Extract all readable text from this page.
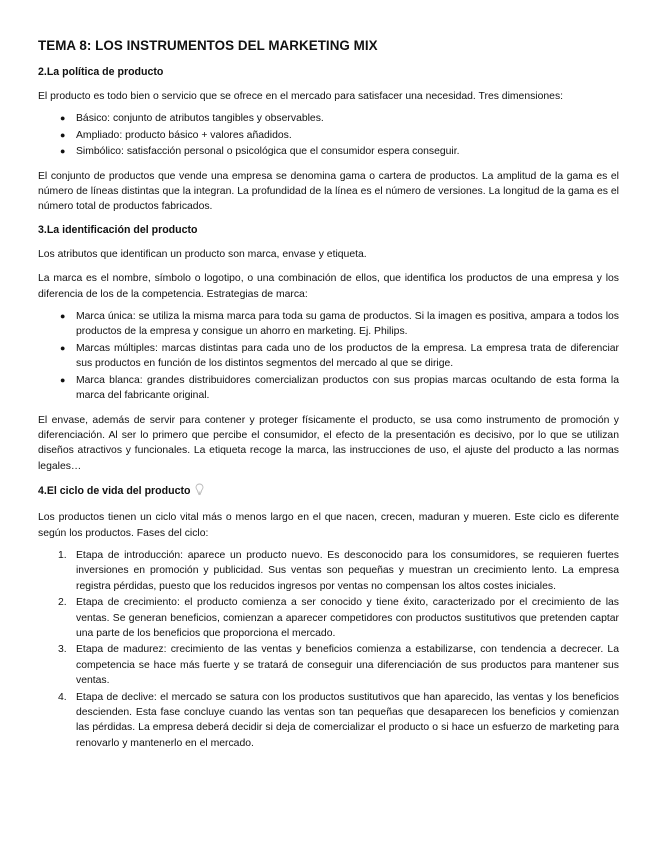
TEMA 8: LOS INSTRUMENTOS DEL MARKETING MIX
2.La política de producto

El producto es todo bien o servicio que se ofrece en el mercado para satisfacer una necesidad. Tres dimensiones:

● Básico: conjunto de atributos tangibles y observables.
● Ampliado: producto básico + valores añadidos.
● Simbólico: satisfacción personal o psicológica que el consumidor espera conseguir.

El conjunto de productos que vende una empresa se denomina gama o cartera de productos. La amplitud de la gama es el número de líneas distintas que la integran. La profundidad de la línea es el número de versiones. La longitud de la gama es el número total de productos fabricados.

3.La identificación del producto

Los atributos que identifican un producto son marca, envase y etiqueta.

La marca es el nombre, símbolo o logotipo, o una combinación de ellos, que identifica los productos de una empresa y los diferencia de los de la competencia. Estrategias de marca:

● Marca única: se utiliza la misma marca para toda su gama de productos. Si la imagen es positiva, ampara a todos los productos de la empresa y consigue un ahorro en marketing. Ej. Philips.
● Marcas múltiples: marcas distintas para cada uno de los productos de la empresa. La empresa trata de diferenciar sus productos en función de los distintos segmentos del mercado al que se dirige.
● Marca blanca: grandes distribuidores comercializan productos con sus propias marcas ocultando de esta forma la marca del fabricante original.

El envase, además de servir para contener y proteger físicamente el producto, se usa como instrumento de promoción y diferenciación. Al ser lo primero que percibe el consumidor, el efecto de la presentación es decisivo, por lo que se utilizan diseños atractivos y funcionales. La etiqueta recoge la marca, las instrucciones de uso, el ajuste del producto a las normas legales…

4.El ciclo de vida del producto

Los productos tienen un ciclo vital más o menos largo en el que nacen, crecen, maduran y mueren. Este ciclo es diferente según los productos. Fases del ciclo:

1. Etapa de introducción: aparece un producto nuevo. Es desconocido para los consumidores, se requieren fuertes inversiones en promoción y publicidad. Sus ventas son pequeñas y muestran un crecimiento lento. La empresa registra pérdidas, puesto que los reducidos ingresos por ventas no compensan los altos costes iniciales.
2. Etapa de crecimiento: el producto comienza a ser conocido y tiene éxito, caracterizado por el crecimiento de las ventas. Se generan beneficios, comienzan a aparecer competidores con productos sustitutivos que pretenden captar una parte de los beneficios que proporciona el mercado.
3. Etapa de madurez: crecimiento de las ventas y beneficios comienza a estabilizarse, con tendencia a decrecer. La competencia se hace más fuerte y se tratará de conseguir una diferenciación de sus productos para mantener sus ventas.
4. Etapa de declive: el mercado se satura con los productos sustitutivos que han aparecido, las ventas y los beneficios descienden. Esta fase concluye cuando las ventas son tan pequeñas que desaparecen los beneficios y comienzan las pérdidas. La empresa deberá decidir si deja de comercializar el producto o si hace un esfuerzo de marketing para renovarlo y mantenerlo en el mercado.
